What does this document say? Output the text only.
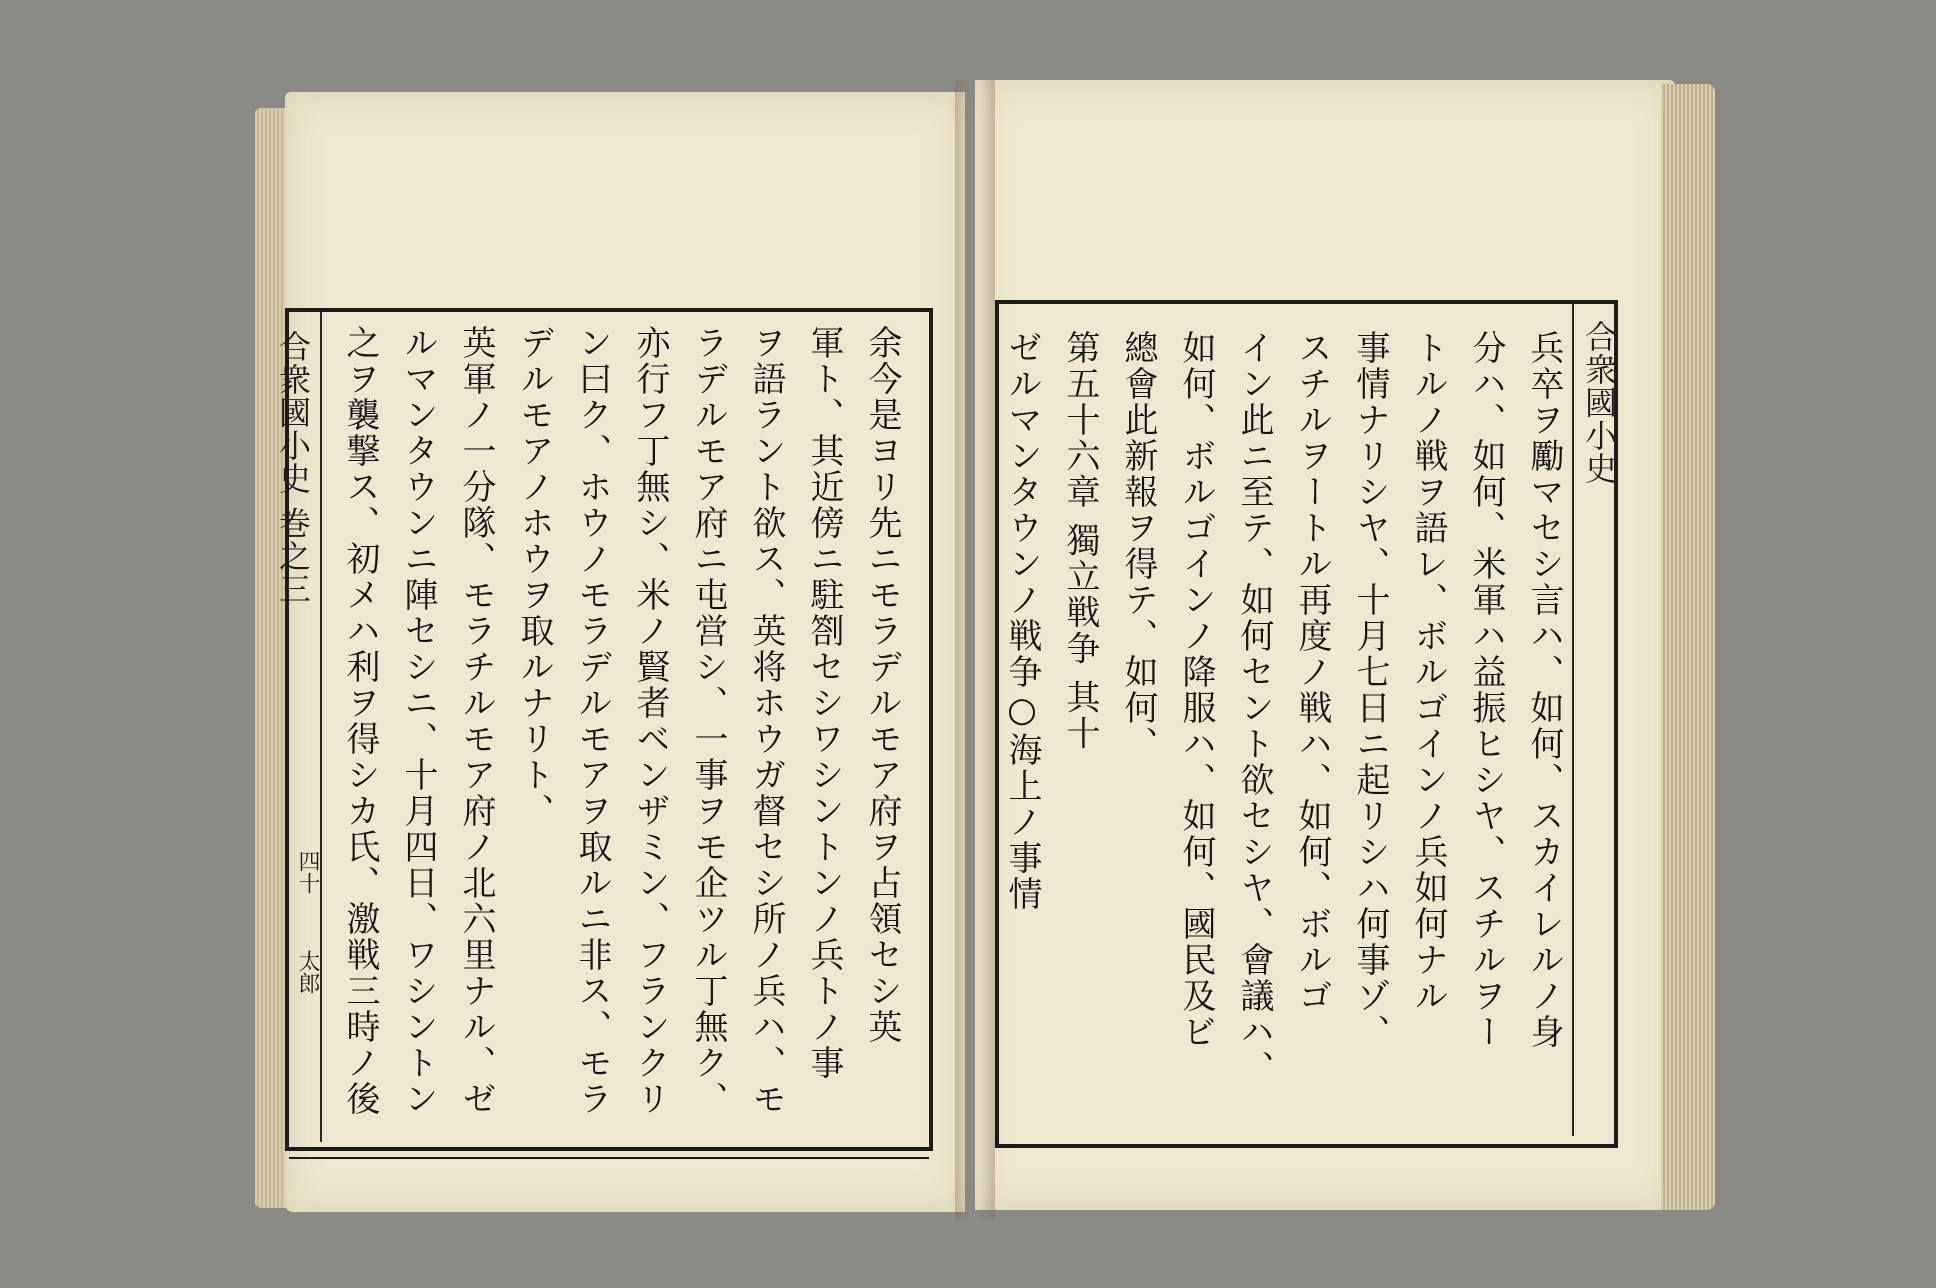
合衆國小史 巻之三
四十
太郎	余今是ヨリ先ニモラデルモア府ヲ占領セシ英
軍ト、其近傍ニ駐劄セシワシントンノ兵トノ事
ヲ語ラント欲ス、英将ホウガ督セシ所ノ兵ハ、モ
ラデルモア府ニ屯営シ、一事ヲモ企ツル丁無ク、
亦行フ丁無シ、米ノ賢者ベンザミン、フランクリ
ン曰ク、ホウノモラデルモアヲ取ルニ非ス、モラ
デルモアノホウヲ取ルナリト、
英軍ノ一分隊、モラチルモア府ノ北六里ナル、ゼ
ルマンタウンニ陣セシニ、十月四日、ワシントン
之ヲ襲撃ス、初メハ利ヲ得シカ氏、激戦三時ノ後	合衆國小史
兵卒ヲ勵マセシ言ハ、如何、スカイレルノ身
分ハ、如何、米軍ハ益振ヒシヤ、スチルヲー
トルノ戦ヲ語レ、ボルゴインノ兵如何ナル
事情ナリシヤ、十月七日ニ起リシハ何事ゾ、
スチルヲートル再度ノ戦ハ、如何、ボルゴ
イン此ニ至テ、如何セント欲セシヤ、會議ハ、
如何、ボルゴインノ降服ハ、如何、國民及ビ
總會此新報ヲ得テ、如何、
第五十六章 獨立戦争 其十
ゼルマンタウンノ戦争○海上ノ事情
